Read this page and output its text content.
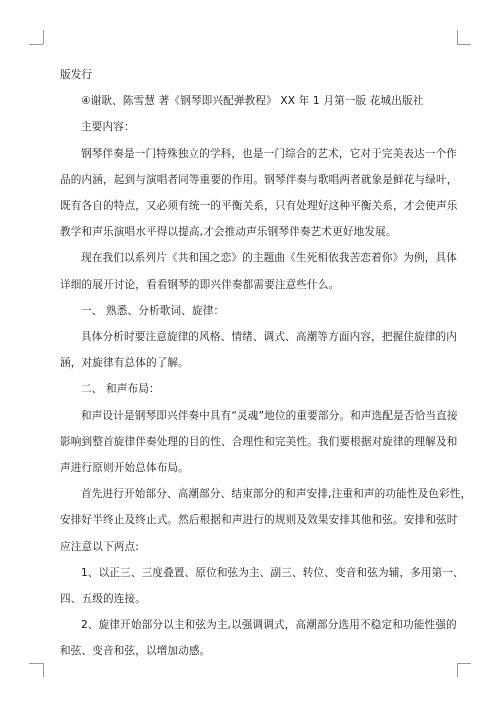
版发行
④谢耿、陈雪慧 著《钢琴即兴配弹教程》 XX 年 1 月第一版 花城出版社
主要内容：
钢琴伴奏是一门特殊独立的学科，也是一门综合的艺术，它对于完美表达一个作
品的内涵，起到与演唱者同等重要的作用。钢琴伴奏与歌唱两者就象是鲜花与绿叶，
既有各自的特点，又必须有统一的平衡关系，只有处理好这种平衡关系，才会使声乐
教学和声乐演唱水平得以提高,才会推动声乐钢琴伴奏艺术更好地发展。
现在我们以系列片《共和国之恋》的主题曲《生死相依我苦恋着你》为例，具体
详细的展开讨论，看看钢琴的即兴伴奏都需要注意些什么。
一、 熟悉、分析歌词、旋律：
具体分析时要注意旋律的风格、情绪、调式、高潮等方面内容，把握住旋律的内
涵，对旋律有总体的了解。
二、 和声布局：
和声设计是钢琴即兴伴奏中具有“灵魂”地位的重要部分。和声选配是否恰当直接
影响到整首旋律伴奏处理的目的性、合理性和完美性。我们要根据对旋律的理解及和
声进行原则开始总体布局。
首先进行开始部分、高潮部分、结束部分的和声安排,注重和声的功能性及色彩性，
安排好半终止及终止式。然后根据和声进行的规则及效果安排其他和弦。安排和弦时
应注意以下两点:
1、以正三、三度叠置、原位和弦为主、副三、转位、变音和弦为辅，多用第一、
四、五级的连接。
2、旋律开始部分以主和弦为主,以强调调式，高潮部分选用不稳定和功能性强的
和弦、变音和弦，以增加动感。
